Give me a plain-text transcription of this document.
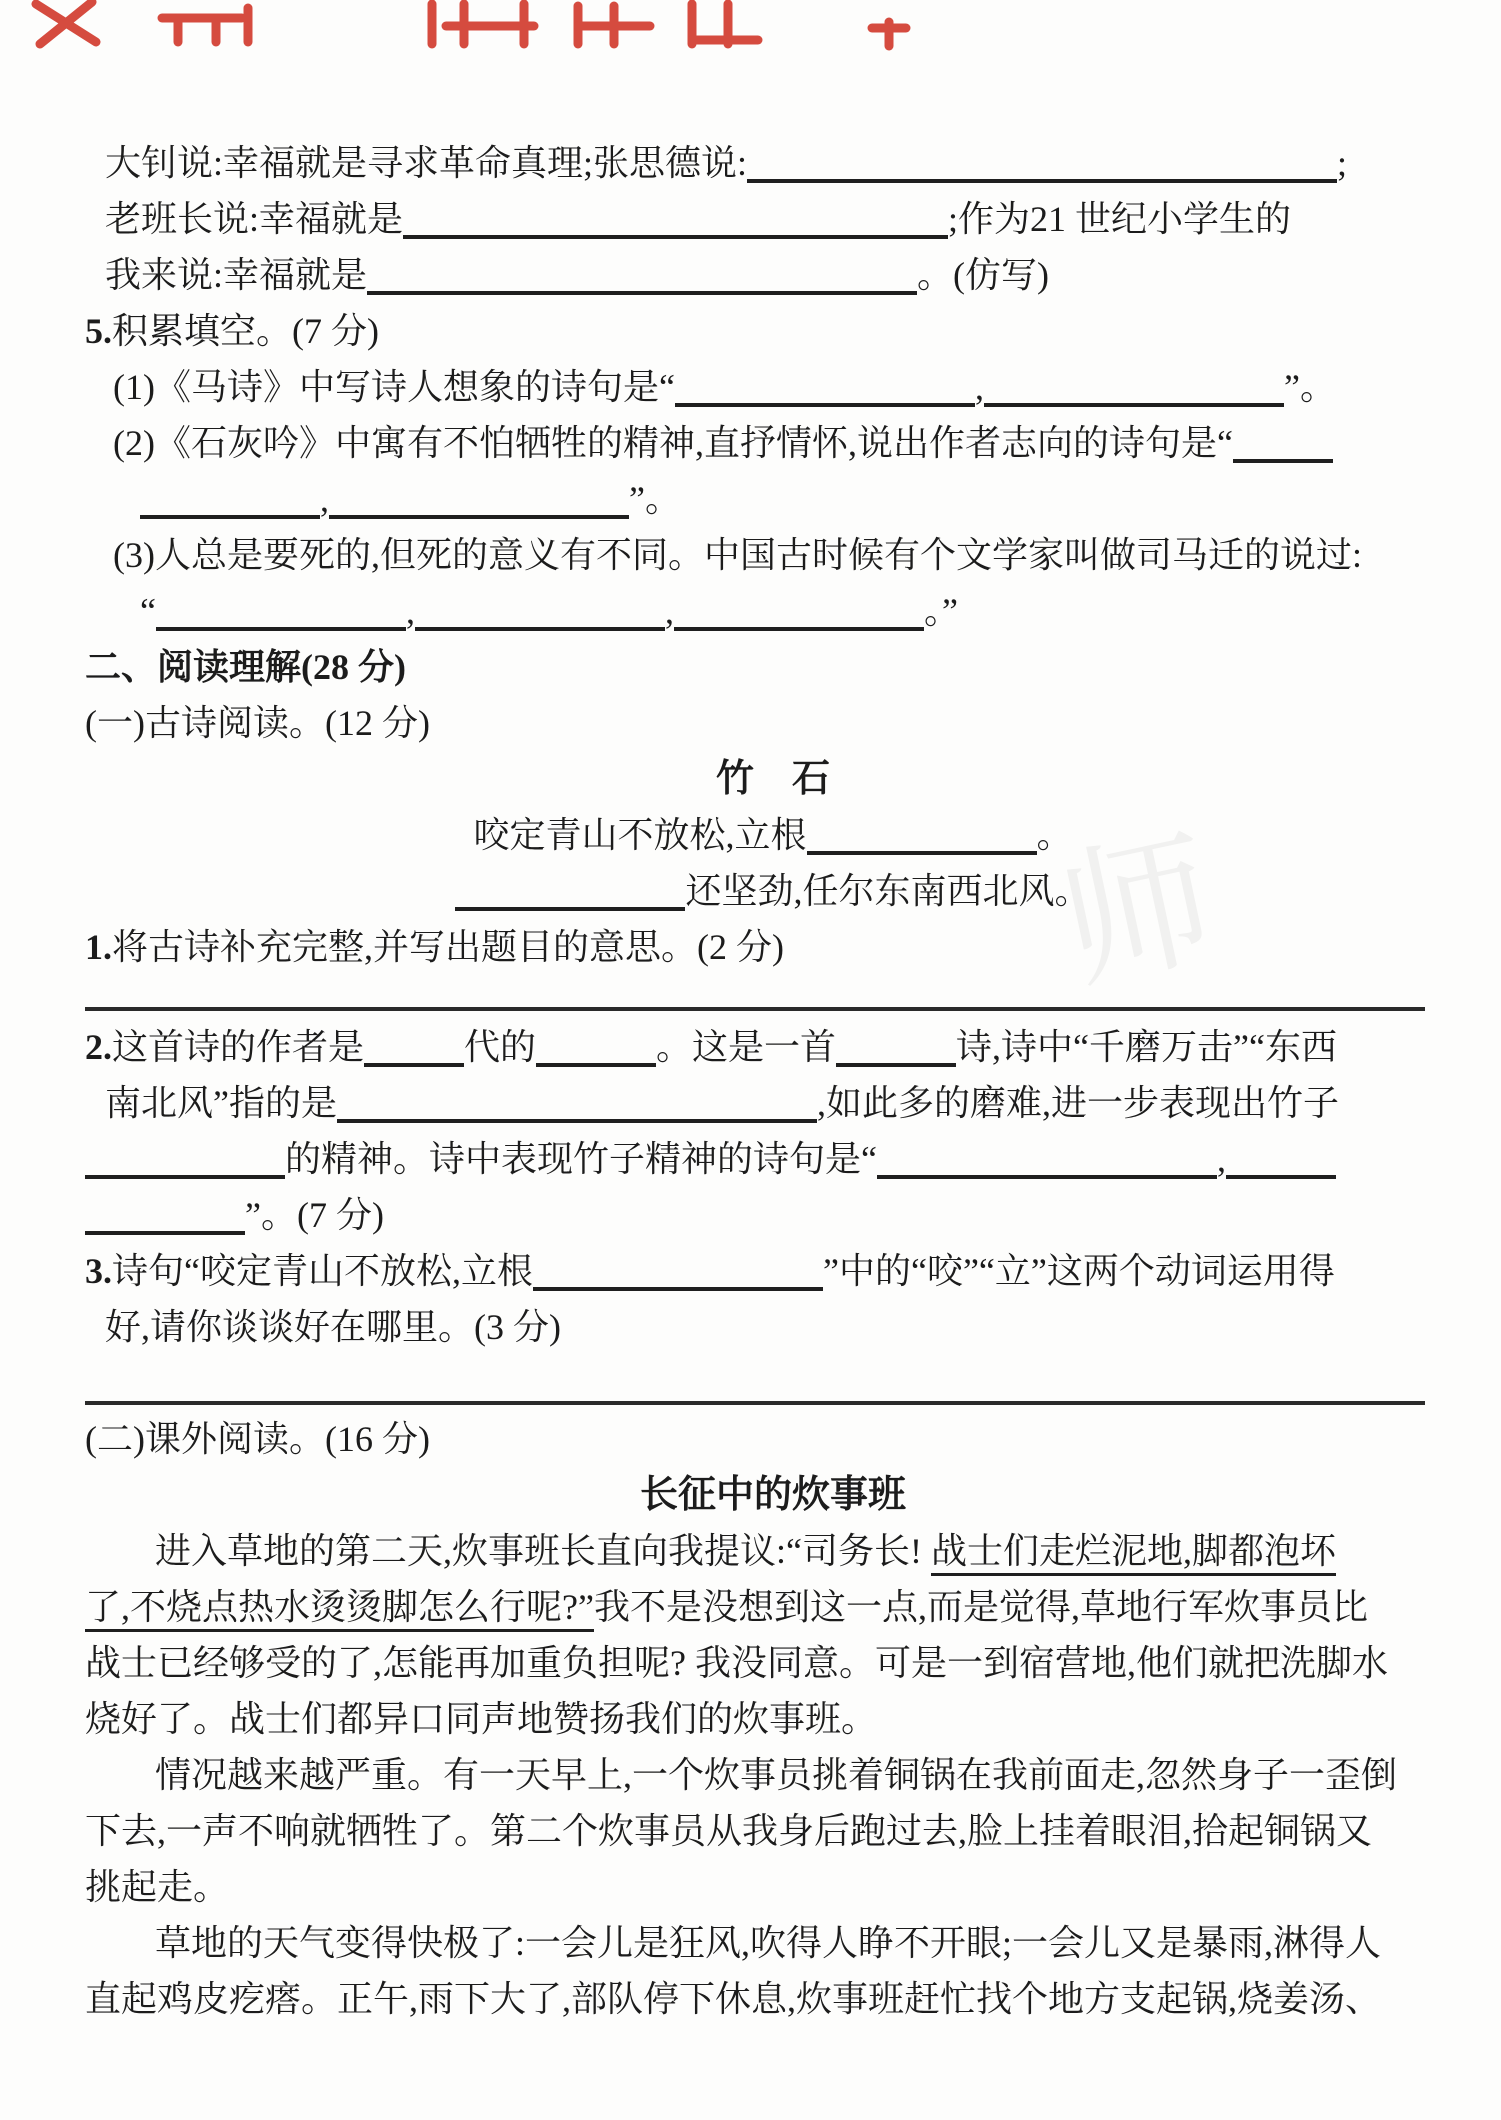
大钊说:幸福就是寻求革命真理;张思德说:	;
老班长说:幸福就是	;作为21 世纪小学生的
我来说:幸福就是	。(仿写)
5.积累填空。(7 分)
(1)《马诗》中写诗人想象的诗句是“	,	”。
(2)《石灰吟》中寓有不怕牺牲的精神,直抒情怀,说出作者志向的诗句是“
,	”。
(3)人总是要死的,但死的意义有不同。中国古时候有个文学家叫做司马迁的说过:
“	,	,	。”
二、阅读理解(28 分)
(一)古诗阅读。(12 分)
竹　石
咬定青山不放松,立根	。
还坚劲,任尔东南西北风。
1.将古诗补充完整,并写出题目的意思。(2 分)
2.这首诗的作者是	代的	。这是一首	诗,诗中“千磨万击”“东西
南北风”指的是	,如此多的磨难,进一步表现出竹子
的精神。诗中表现竹子精神的诗句是“	,
”。(7 分)
3.诗句“咬定青山不放松,立根	”中的“咬”“立”这两个动词运用得
好,请你谈谈好在哪里。(3 分)
(二)课外阅读。(16 分)
长征中的炊事班
进入草地的第二天,炊事班长直向我提议:“司务长! 战士们走烂泥地,脚都泡坏
了,不烧点热水烫烫脚怎么行呢?”我不是没想到这一点,而是觉得,草地行军炊事员比
战士已经够受的了,怎能再加重负担呢? 我没同意。可是一到宿营地,他们就把洗脚水
烧好了。战士们都异口同声地赞扬我们的炊事班。
情况越来越严重。有一天早上,一个炊事员挑着铜锅在我前面走,忽然身子一歪倒
下去,一声不响就牺牲了。第二个炊事员从我身后跑过去,脸上挂着眼泪,拾起铜锅又
挑起走。
草地的天气变得快极了:一会儿是狂风,吹得人睁不开眼;一会儿又是暴雨,淋得人
直起鸡皮疙瘩。正午,雨下大了,部队停下休息,炊事班赶忙找个地方支起锅,烧姜汤、
